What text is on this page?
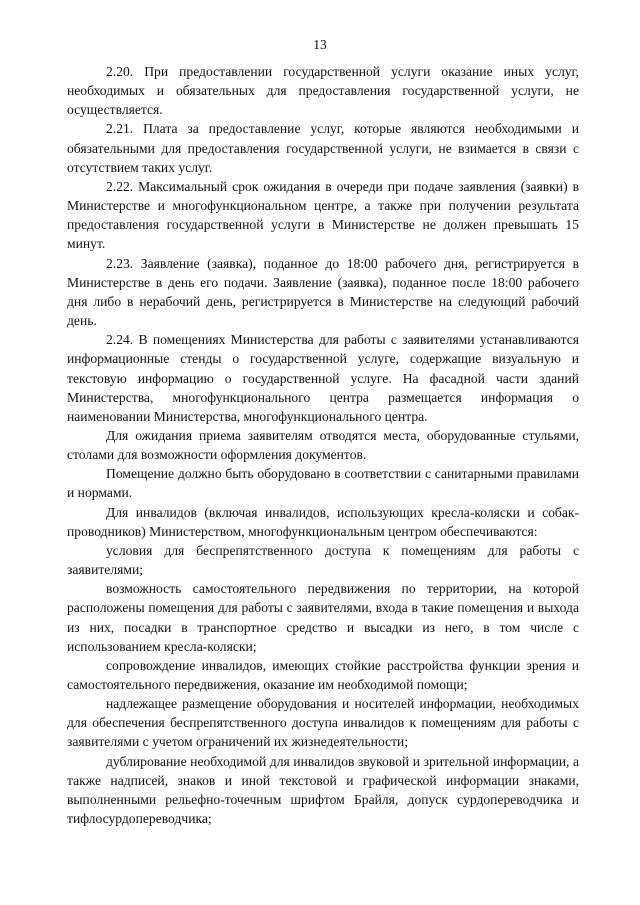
13

2.20. При предоставлении государственной услуги оказание иных услуг, необходимых и обязательных для предоставления государственной услуги, не осуществляется.

2.21. Плата за предоставление услуг, которые являются необходимыми и обязательными для предоставления государственной услуги, не взимается в связи с отсутствием таких услуг.

2.22. Максимальный срок ожидания в очереди при подаче заявления (заявки) в Министерстве и многофункциональном центре, а также при получении результата предоставления государственной услуги в Министерстве не должен превышать 15 минут.

2.23. Заявление (заявка), поданное до 18:00 рабочего дня, регистрируется в Министерстве в день его подачи. Заявление (заявка), поданное после 18:00 рабочего дня либо в нерабочий день, регистрируется в Министерстве на следующий рабочий день.

2.24. В помещениях Министерства для работы с заявителями устанавливаются информационные стенды о государственной услуге, содержащие визуальную и текстовую информацию о государственной услуге. На фасадной части зданий Министерства, многофункционального центра размещается информация о наименовании Министерства, многофункционального центра.

Для ожидания приема заявителям отводятся места, оборудованные стульями, столами для возможности оформления документов.

Помещение должно быть оборудовано в соответствии с санитарными правилами и нормами.

Для инвалидов (включая инвалидов, использующих кресла-коляски и собак-проводников) Министерством, многофункциональным центром обеспечиваются:

условия для беспрепятственного доступа к помещениям для работы с заявителями;

возможность самостоятельного передвижения по территории, на которой расположены помещения для работы с заявителями, входа в такие помещения и выхода из них, посадки в транспортное средство и высадки из него, в том числе с использованием кресла-коляски;

сопровождение инвалидов, имеющих стойкие расстройства функции зрения и самостоятельного передвижения, оказание им необходимой помощи;

надлежащее размещение оборудования и носителей информации, необходимых для обеспечения беспрепятственного доступа инвалидов к помещениям для работы с заявителями с учетом ограничений их жизнедеятельности;

дублирование необходимой для инвалидов звуковой и зрительной информации, а также надписей, знаков и иной текстовой и графической информации знаками, выполненными рельефно-точечным шрифтом Брайля, допуск сурдопереводчика и тифлосурдопереводчика;
